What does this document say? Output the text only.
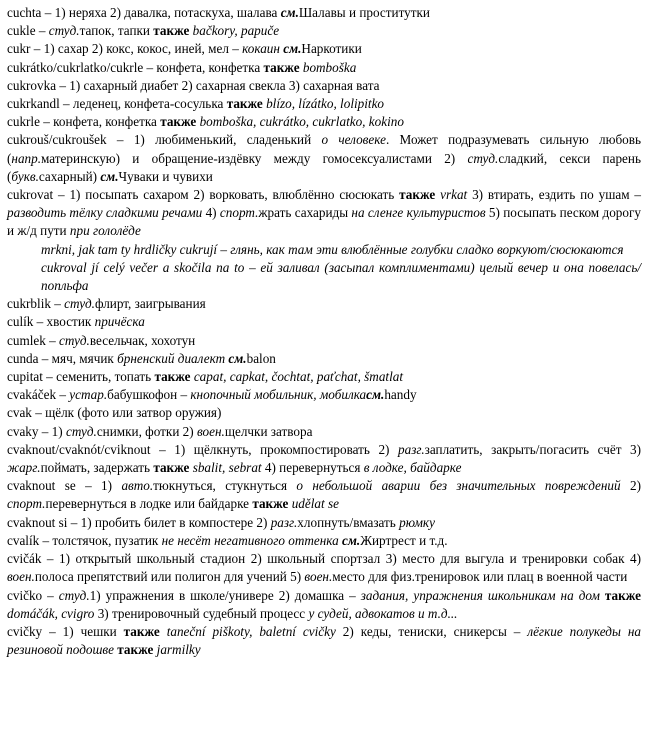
cuchta – 1) неряха 2) давалка, потаскуха, шалава см.Шалавы и проститутки

cukle – студ.тапок, тапки также bačkory, papuče

cukr – 1) сахар 2) кокс, кокос, иней, мел – кокаин см.Наркотики

cukrátko/cukrlatko/cukrle – конфета, конфетка также bomboška

cukrovka – 1) сахарный диабет 2) сахарная свекла 3) сахарная вата

cukrkandl – леденец, конфета-сосулька также blízo, lízátko, lolipitko

cukrle – конфета, конфетка также bomboška, cukrátko, cukrlatko, kokino

cukrouš/cukroušek – 1) любименький, сладенький о человеке. Может подразумевать сильную любовь (напр.материнскую) и обращение-издёвку между гомосексуалистами 2) студ.сладкий, секси парень (букв.сахарный) см.Чуваки и чувихи

cukrovat – 1) посыпать сахаром 2) ворковать, влюблённо сюсюкать также vrkat 3) втирать, ездить по ушам – разводить тёлку сладкими речами 4) спорт.жрать сахариды на сленге культуристов 5) посыпать песком дорогу и ж/д пути при гололёде

mrkni, jak tam ty hrdličky cukrují – глянь, как там эти влюблённые голубки сладко воркуют/сюсюкаются

cukroval jí celý večer a skočila na to – ей заливал (засыпал комплиментами) целый вечер и она повелась/попльфа

cukrblik – студ.флирт, заигрывания

culík – хвостик причёска

cumlek – студ.весельчак, хохотун

cunda – мяч, мячик брненский диалект см.balon

cupitat – семенить, топать также capat, capkat, čochtat, paťchat, šmatlat

cvakáček – устар.бабушкофон – кнопочный мобильник, мобилкасм.handy

cvak – щёлк (фото или затвор оружия)

cvaky – 1) студ.снимки, фотки 2) воен.щелчки затвора

cvaknout/cvaknót/cviknout – 1) щёлкнуть, прокомпостировать 2) разг.заплатить, закрыть/погасить счёт 3) жарг.поймать, задержать также sbalit, sebrat 4) перевернуться в лодке, байдарке

cvaknout se – 1) авто.тюкнуться, стукнуться о небольшой аварии без значительных повреждений 2) спорт.перевернуться в лодке или байдарке также udělat se

cvaknout si – 1) пробить билет в компостере 2) разг.хлопнуть/вмазать рюмку

cvalík – толстячок, пузатик не несёт негативного оттенка см.Жиртрест и т.д.

cvičák – 1) открытый школьный стадион 2) школьный спортзал 3) место для выгула и тренировки собак 4) воен.полоса препятствий или полигон для учений 5) воен.место для физ.тренировок или плац в военной части

cvičko – студ.1) упражнения в школе/универе 2) домашка – задания, упражнения школьникам на дом также domáčák, cvigro 3) тренировочный судебный процесс у судей, адвокатов и т.д...

cvičky – 1) чешки также taneční piškoty, baletní cvičky 2) кеды, тениски, сникерсы – лёгкие полукеды на резиновой подошве также jarmilky
